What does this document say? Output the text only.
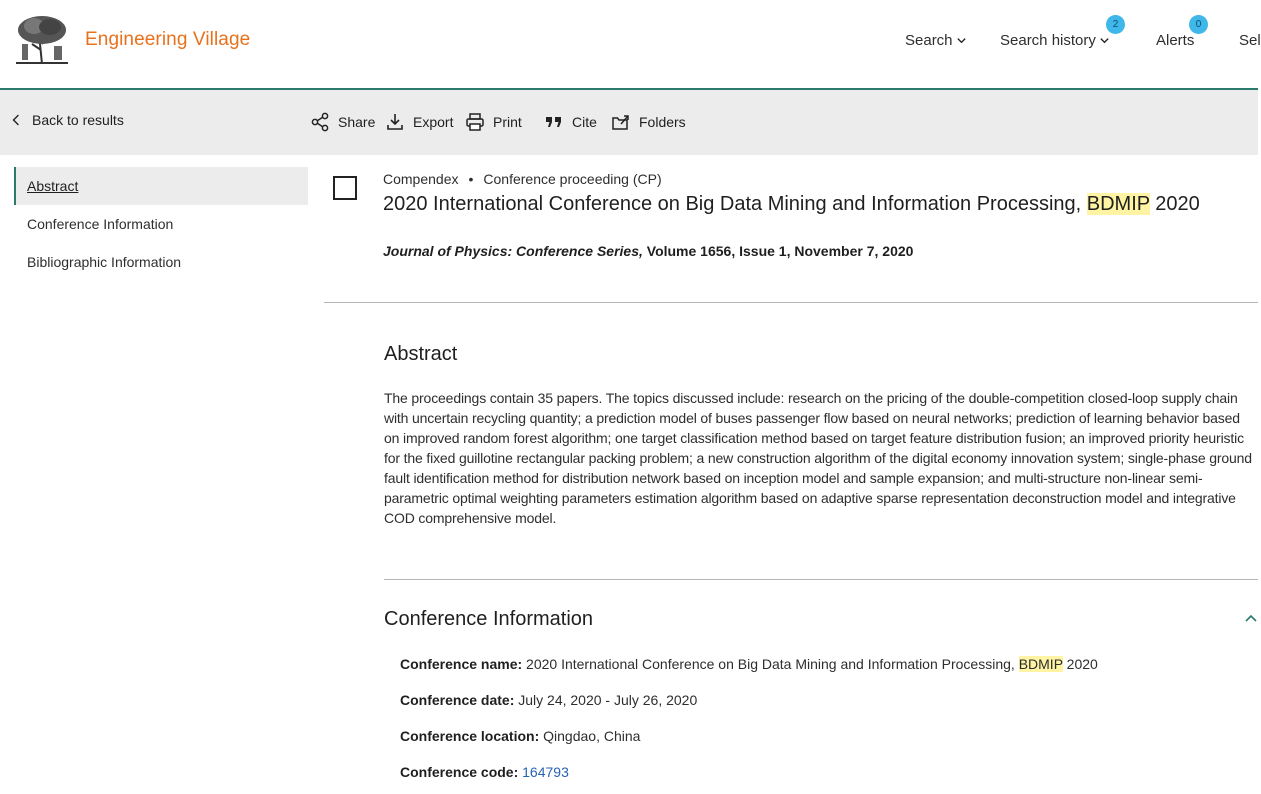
Engineering Village	Search	Search history
2
Alerts
0
Sel
Back to results	Share	Export	Print	Cite	Folders
Abstract
Conference Information
Bibliographic Information
Compendex • Conference proceeding (CP)
2020 International Conference on Big Data Mining and Information Processing, BDMIP 2020
Journal of Physics: Conference Series, Volume 1656, Issue 1, November 7, 2020
Abstract
The proceedings contain 35 papers. The topics discussed include: research on the pricing of the double-competition closed-loop supply chain with uncertain recycling quantity; a prediction model of buses passenger flow based on neural networks; prediction of learning behavior based on improved random forest algorithm; one target classification method based on target feature distribution fusion; an improved priority heuristic for the fixed guillotine rectangular packing problem; a new construction algorithm of the digital economy innovation system; single-phase ground fault identification method for distribution network based on inception model and sample expansion; and multi-structure non-linear semi-parametric optimal weighting parameters estimation algorithm based on adaptive sparse representation deconstruction model and integrative COD comprehensive model.
Conference Information
Conference name: 2020 International Conference on Big Data Mining and Information Processing, BDMIP 2020
Conference date: July 24, 2020 - July 26, 2020
Conference location: Qingdao, China
Conference code: 164793
